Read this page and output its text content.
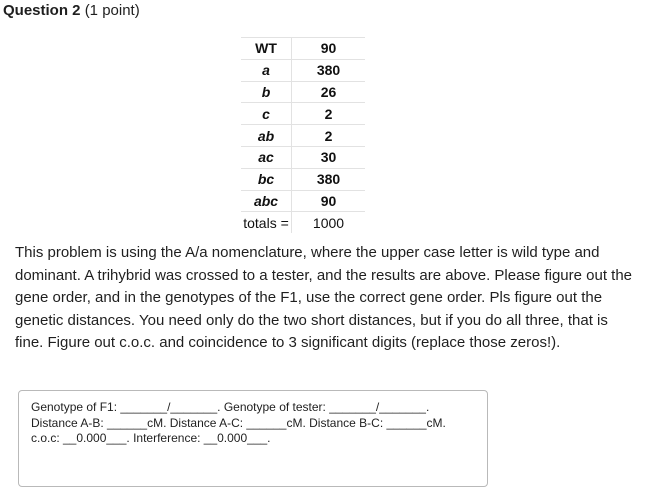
Question 2 (1 point)
WT	90
a	380
b	26
c	2
ab	2
ac	30
bc	380
abc	90
totals =	1000

This problem is using the A/a nomenclature, where the upper case letter is wild type and dominant. A trihybrid was crossed to a tester, and the results are above. Please figure out the gene order, and in the genotypes of the F1, use the correct gene order. Pls figure out the genetic distances. You need only do the two short distances, but if you do all three, that is fine. Figure out c.o.c. and coincidence to 3 significant digits (replace those zeros!).

Genotype of F1: _______/_______. Genotype of tester: _______/_______.
Distance A-B: ______cM. Distance A-C: ______cM. Distance B-C: ______cM.
c.o.c: __0.000___. Interference: __0.000___.
